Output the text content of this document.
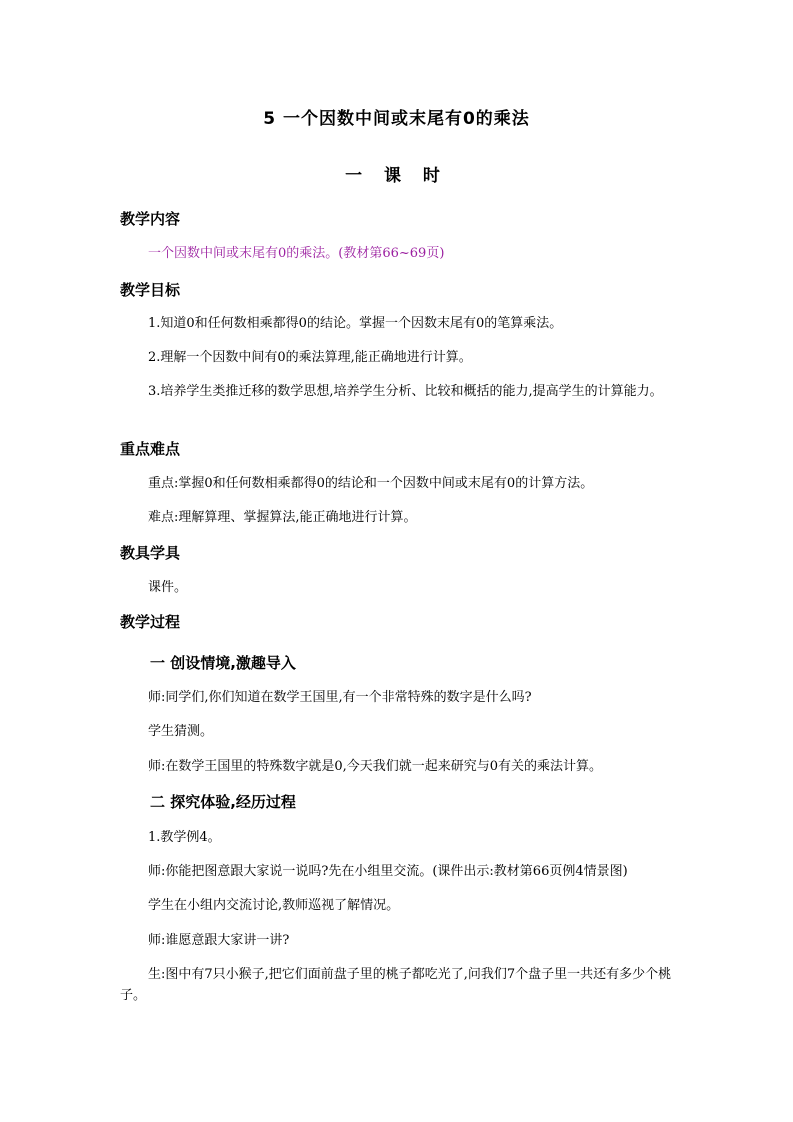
5 一个因数中间或末尾有0的乘法
一 课 时
教学内容
一个因数中间或末尾有0的乘法。(教材第66~69页)
教学目标
1.知道0和任何数相乘都得0的结论。掌握一个因数末尾有0的笔算乘法。
2.理解一个因数中间有0的乘法算理,能正确地进行计算。
3.培养学生类推迁移的数学思想,培养学生分析、比较和概括的能力,提高学生的计算能力。
重点难点
重点:掌握0和任何数相乘都得0的结论和一个因数中间或末尾有0的计算方法。
难点:理解算理、掌握算法,能正确地进行计算。
教具学具
课件。
教学过程
一 创设情境,激趣导入
师:同学们,你们知道在数学王国里,有一个非常特殊的数字是什么吗?
学生猜测。
师:在数学王国里的特殊数字就是0,今天我们就一起来研究与0有关的乘法计算。
二 探究体验,经历过程
1.教学例4。
师:你能把图意跟大家说一说吗?先在小组里交流。(课件出示:教材第66页例4情景图)
学生在小组内交流讨论,教师巡视了解情况。
师:谁愿意跟大家讲一讲?
生:图中有7只小猴子,把它们面前盘子里的桃子都吃光了,问我们7个盘子里一共还有多少个桃子。
